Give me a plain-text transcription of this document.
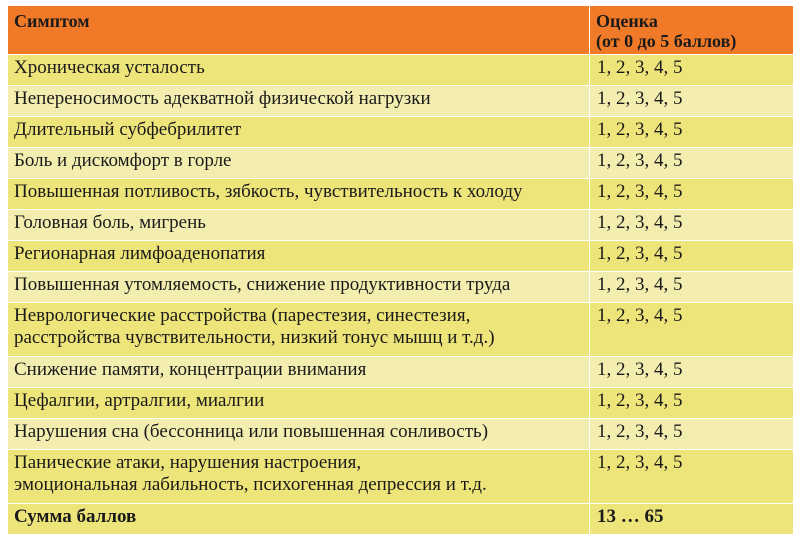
Симптом	Оценка
(от 0 до 5 баллов)

Хроническая усталость	1, 2, 3, 4, 5
Непереносимость адекватной физической нагрузки	1, 2, 3, 4, 5
Длительный субфебрилитет	1, 2, 3, 4, 5
Боль и дискомфорт в горле	1, 2, 3, 4, 5
Повышенная потливость, зябкость, чувствительность к холоду	1, 2, 3, 4, 5
Головная боль, мигрень	1, 2, 3, 4, 5
Регионарная лимфоаденопатия	1, 2, 3, 4, 5
Повышенная утомляемость, снижение продуктивности труда	1, 2, 3, 4, 5

Неврологические расстройства (парестезия, синестезия,
расстройства чувствительности, низкий тонус мышц и т.д.)	1, 2, 3, 4, 5
Снижение памяти, концентрации внимания	1, 2, 3, 4, 5
Цефалгии, артралгии, миалгии	1, 2, 3, 4, 5
Нарушения сна (бессонница или повышенная сонливость)	1, 2, 3, 4, 5

Панические атаки, нарушения настроения,
эмоциональная лабильность, психогенная депрессия и т.д.	1, 2, 3, 4, 5
Сумма баллов	13 … 65
